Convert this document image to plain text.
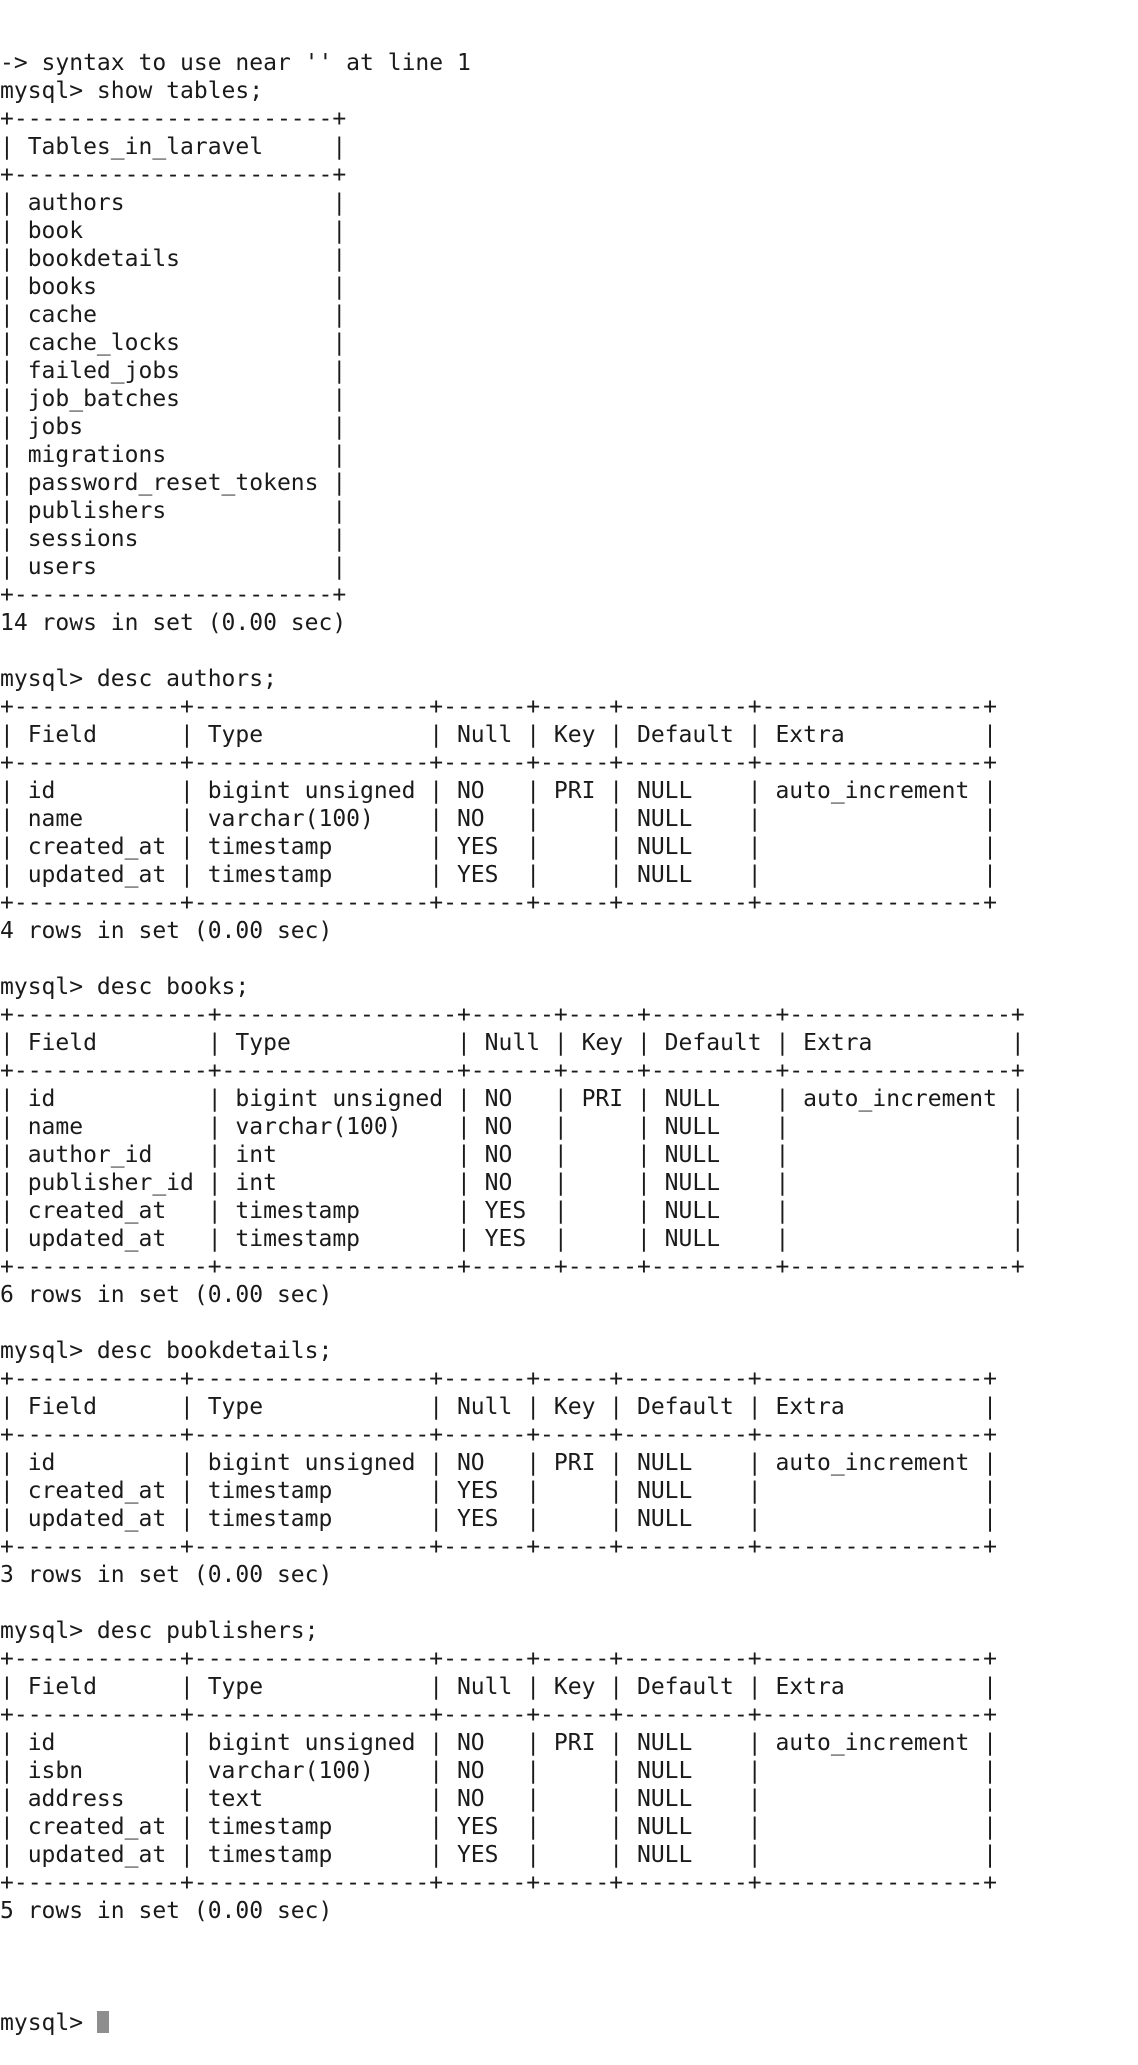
-> syntax to use near '' at line 1
mysql> show tables;
+-----------------------+
| Tables_in_laravel     |
+-----------------------+
| authors               |
| book                  |
| bookdetails           |
| books                 |
| cache                 |
| cache_locks           |
| failed_jobs           |
| job_batches           |
| jobs                  |
| migrations            |
| password_reset_tokens |
| publishers            |
| sessions              |
| users                 |
+-----------------------+
14 rows in set (0.00 sec)
mysql> desc authors;
+------------+-----------------+------+-----+---------+----------------+
| Field      | Type            | Null | Key | Default | Extra          |
+------------+-----------------+------+-----+---------+----------------+
| id         | bigint unsigned | NO   | PRI | NULL    | auto_increment |
| name       | varchar(100)    | NO   |     | NULL    |                |
| created_at | timestamp       | YES  |     | NULL    |                |
| updated_at | timestamp       | YES  |     | NULL    |                |
+------------+-----------------+------+-----+---------+----------------+
4 rows in set (0.00 sec)
mysql> desc books;
+--------------+-----------------+------+-----+---------+----------------+
| Field        | Type            | Null | Key | Default | Extra          |
+--------------+-----------------+------+-----+---------+----------------+
| id           | bigint unsigned | NO   | PRI | NULL    | auto_increment |
| name         | varchar(100)    | NO   |     | NULL    |                |
| author_id    | int             | NO   |     | NULL    |                |
| publisher_id | int             | NO   |     | NULL    |                |
| created_at   | timestamp       | YES  |     | NULL    |                |
| updated_at   | timestamp       | YES  |     | NULL    |                |
+--------------+-----------------+------+-----+---------+----------------+
6 rows in set (0.00 sec)
mysql> desc bookdetails;
+------------+-----------------+------+-----+---------+----------------+
| Field      | Type            | Null | Key | Default | Extra          |
+------------+-----------------+------+-----+---------+----------------+
| id         | bigint unsigned | NO   | PRI | NULL    | auto_increment |
| created_at | timestamp       | YES  |     | NULL    |                |
| updated_at | timestamp       | YES  |     | NULL    |                |
+------------+-----------------+------+-----+---------+----------------+
3 rows in set (0.00 sec)
mysql> desc publishers;
+------------+-----------------+------+-----+---------+----------------+
| Field      | Type            | Null | Key | Default | Extra          |
+------------+-----------------+------+-----+---------+----------------+
| id         | bigint unsigned | NO   | PRI | NULL    | auto_increment |
| isbn       | varchar(100)    | NO   |     | NULL    |                |
| address    | text            | NO   |     | NULL    |                |
| created_at | timestamp       | YES  |     | NULL    |                |
| updated_at | timestamp       | YES  |     | NULL    |                |
+------------+-----------------+------+-----+---------+----------------+
5 rows in set (0.00 sec)

mysql>
